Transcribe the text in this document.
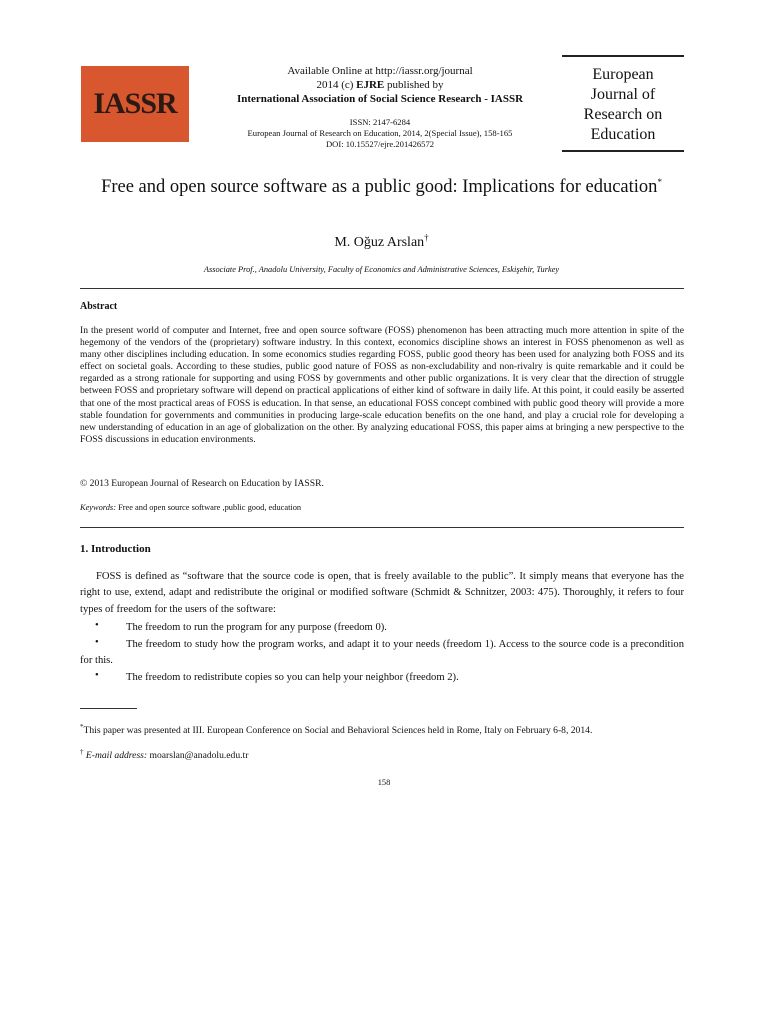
IASSR
Available Online at http://iassr.org/journal
2014 (c) EJRE published by
International Association of Social Science Research - IASSR
ISSN: 2147-6284
European Journal of Research on Education, 2014, 2(Special Issue), 158-165
DOI: 10.15527/ejre.201426572
European
Journal of
Research on
Education
Free and open source software as a public good: Implications for education*
M. Oğuz Arslan†
Associate Prof., Anadolu University, Faculty of Economics and Administrative Sciences, Eskişehir, Turkey
Abstract
In the present world of computer and Internet, free and open source software (FOSS) phenomenon has been attracting much more attention in spite of the hegemony of the vendors of the (proprietary) software industry. In this context, economics discipline shows an interest in FOSS phenomenon as well as many other disciplines including education. In some economics studies regarding FOSS, public good theory has been used for analyzing both FOSS and its effect on societal goals. According to these studies, public good nature of FOSS as non-excludability and non-rivalry is quite remarkable and it could be regarded as a strong rationale for supporting and using FOSS by governments and other public organizations. It is very clear that the direction of struggle between FOSS and proprietary software will depend on practical applications of either kind of software in daily life. At this point, it could easily be asserted that one of the most practical areas of FOSS is education. In that sense, an educational FOSS concept combined with public good theory will provide a more stable foundation for governments and communities in producing large-scale education benefits on the one hand, and play a crucial role for developing a new understanding of education in an age of globalization on the other. By analyzing educational FOSS, this paper aims at bringing a new perspective to the FOSS discussions in education environments.
© 2013 European Journal of Research on Education by IASSR.
Keywords: Free and open source software ,public good, education
1. Introduction
FOSS is defined as “software that the source code is open, that is freely available to the public”. It simply means that everyone has the right to use, extend, adapt and redistribute the original or modified software (Schmidt & Schnitzer, 2003: 475). Thoroughly, it refers to four types of freedom for the users of the software:
•	The freedom to run the program for any purpose (freedom 0).
•	The freedom to study how the program works, and adapt it to your needs (freedom 1). Access to the source code is a precondition for this.
•	The freedom to redistribute copies so you can help your neighbor (freedom 2).
*This paper was presented at III. European Conference on Social and Behavioral Sciences held in Rome, Italy on February 6-8, 2014.
† E-mail address: moarslan@anadolu.edu.tr
158
